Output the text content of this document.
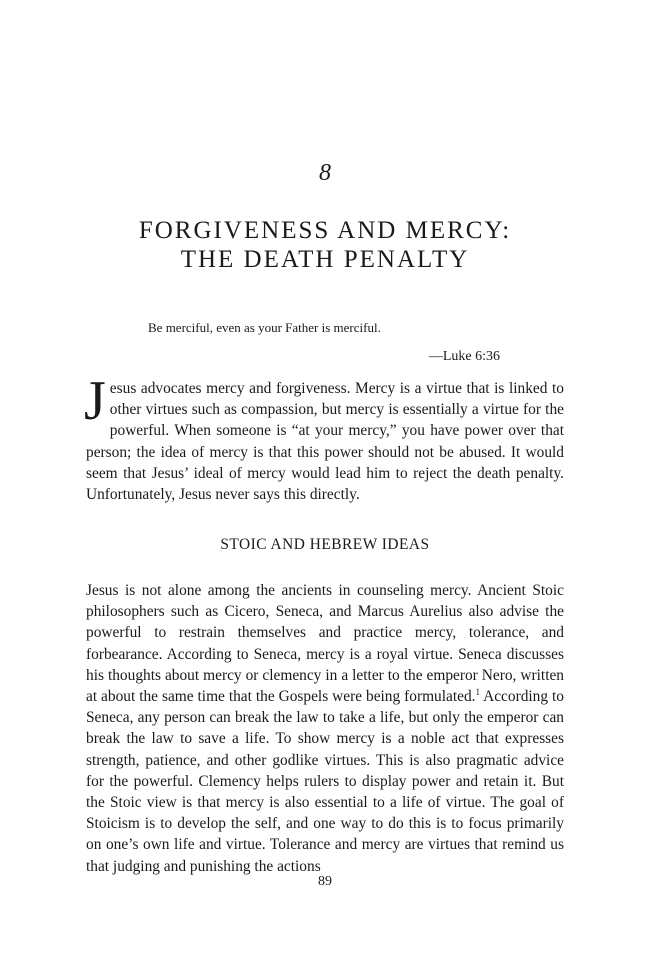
8
FORGIVENESS AND MERCY:
THE DEATH PENALTY
Be merciful, even as your Father is merciful.
—Luke 6:36
Jesus advocates mercy and forgiveness. Mercy is a virtue that is linked to other virtues such as compassion, but mercy is essentially a virtue for the powerful. When someone is “at your mercy,” you have power over that person; the idea of mercy is that this power should not be abused. It would seem that Jesus’ ideal of mercy would lead him to reject the death penalty. Unfortunately, Jesus never says this directly.
STOIC AND HEBREW IDEAS
Jesus is not alone among the ancients in counseling mercy. Ancient Stoic philosophers such as Cicero, Seneca, and Marcus Aurelius also advise the powerful to restrain themselves and practice mercy, tolerance, and forbearance. According to Seneca, mercy is a royal virtue. Seneca discusses his thoughts about mercy or clemency in a letter to the emperor Nero, written at about the same time that the Gospels were being formulated.$^1$ According to Seneca, any person can break the law to take a life, but only the emperor can break the law to save a life. To show mercy is a noble act that expresses strength, patience, and other godlike virtues. This is also pragmatic advice for the powerful. Clemency helps rulers to display power and retain it. But the Stoic view is that mercy is also essential to a life of virtue. The goal of Stoicism is to develop the self, and one way to do this is to focus primarily on one’s own life and virtue. Tolerance and mercy are virtues that remind us that judging and punishing the actions
89
